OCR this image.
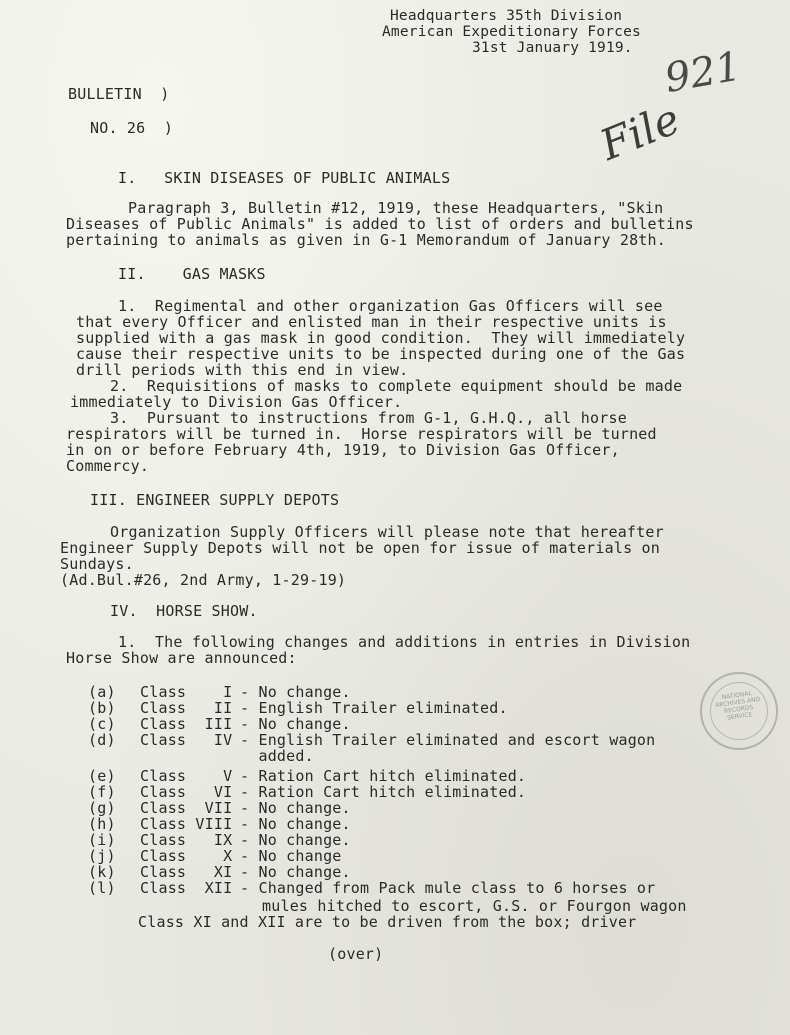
Headquarters 35th Division
American Expeditionary Forces
31st January 1919. 921
File
BULLETIN  )
NO. 26  )
I.   SKIN DISEASES OF PUBLIC ANIMALS
Paragraph 3, Bulletin #12, 1919, these Headquarters, "Skin
Diseases of Public Animals" is added to list of orders and bulletins
pertaining to animals as given in G-1 Memorandum of January 28th.
II.    GAS MASKS
1.  Regimental and other organization Gas Officers will see
that every Officer and enlisted man in their respective units is
supplied with a gas mask in good condition.  They will immediately
cause their respective units to be inspected during one of the Gas
drill periods with this end in view.
2.  Requisitions of masks to complete equipment should be made
immediately to Division Gas Officer.
3.  Pursuant to instructions from G-1, G.H.Q., all horse
respirators will be turned in.  Horse respirators will be turned
in on or before February 4th, 1919, to Division Gas Officer,
Commercy.
III. ENGINEER SUPPLY DEPOTS
Organization Supply Officers will please note that hereafter
Engineer Supply Depots will not be open for issue of materials on
Sundays.
(Ad.Bul.#26, 2nd Army, 1-29-19)
IV.  HORSE SHOW.
1.  The following changes and additions in entries in Division
Horse Show are announced:
(a) Class    I - No change.
(b) Class   II - English Trailer eliminated.
(c) Class  III - No change.
(d) Class   IV - English Trailer eliminated and escort wagon
added.
(e) Class    V - Ration Cart hitch eliminated.
(f) Class   VI - Ration Cart hitch eliminated.
(g) Class  VII - No change.
(h) Class VIII - No change.
(i) Class   IX - No change.
(j) Class    X - No change
(k) Class   XI - No change.
(l) Class  XII - Changed from Pack mule class to 6 horses or
mules hitched to escort, G.S. or Fourgon wagon
Class XI and XII are to be driven from the box; driver
(over)
NATIONAL
ARCHIVES AND
RECORDS
SERVICE
